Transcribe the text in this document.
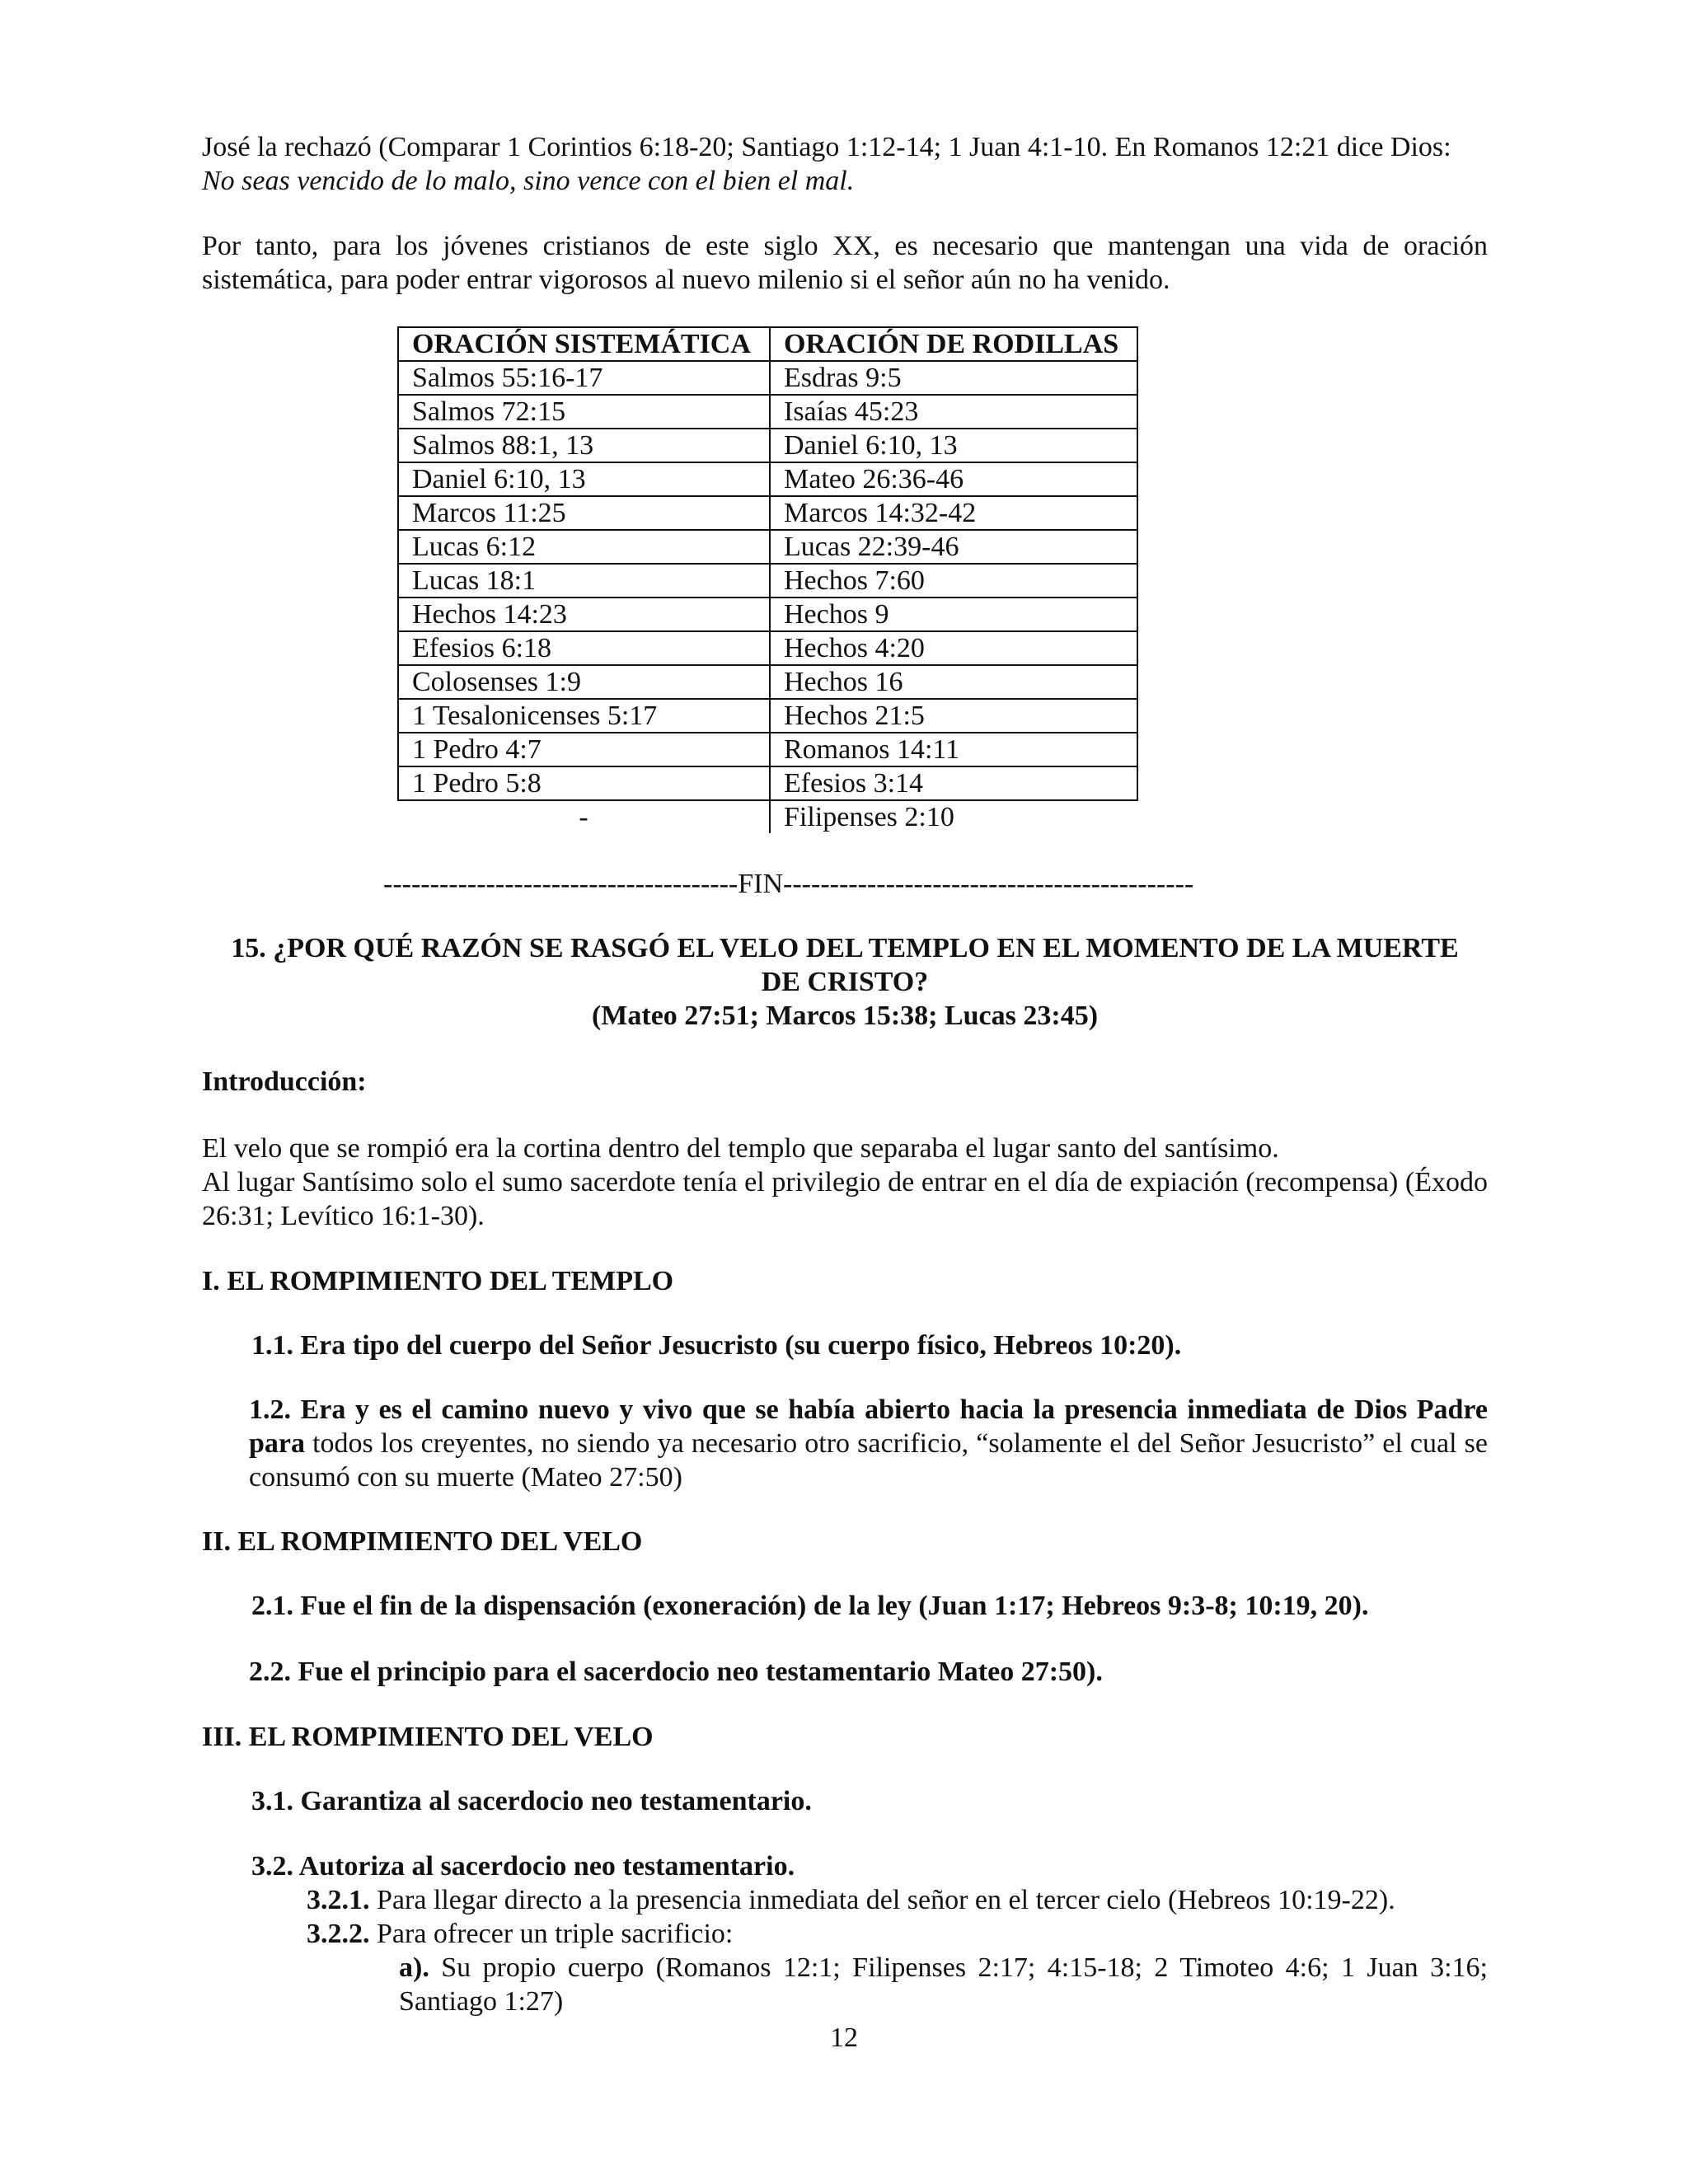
José la rechazó (Comparar 1 Corintios 6:18-20; Santiago 1:12-14; 1 Juan 4:1-10. En Romanos 12:21 dice Dios:

No seas vencido de lo malo, sino vence con el bien el mal.

Por tanto, para los jóvenes cristianos de este siglo XX, es necesario que mantengan una vida de oración sistemática, para poder entrar vigorosos al nuevo milenio si el señor aún no ha venido.

ORACIÓN SISTEMÁTICA	ORACIÓN DE RODILLAS
Salmos 55:16-17	Esdras 9:5
Salmos 72:15	Isaías 45:23
Salmos 88:1, 13	Daniel 6:10, 13
Daniel 6:10, 13	Mateo 26:36-46
Marcos 11:25	Marcos 14:32-42
Lucas 6:12	Lucas 22:39-46
Lucas 18:1	Hechos 7:60
Hechos 14:23	Hechos 9
Efesios 6:18	Hechos 4:20
Colosenses 1:9	Hechos 16
1 Tesalonicenses 5:17	Hechos 21:5
1 Pedro 4:7	Romanos 14:11
1 Pedro 5:8	Efesios 3:14
-	Filipenses 2:10
--------------------------------------FIN--------------------------------------------
15. ¿POR QUÉ RAZÓN SE RASGÓ EL VELO DEL TEMPLO EN EL MOMENTO DE LA MUERTE
DE CRISTO?
(Mateo 27:51; Marcos 15:38; Lucas 23:45)
Introducción:

El velo que se rompió era la cortina dentro del templo que separaba el lugar santo del santísimo.

Al lugar Santísimo solo el sumo sacerdote tenía el privilegio de entrar en el día de expiación (recompensa) (Éxodo 26:31; Levítico 16:1-30).

I. EL ROMPIMIENTO DEL TEMPLO
1.1. Era tipo del cuerpo del Señor Jesucristo (su cuerpo físico, Hebreos 10:20).

1.2. Era y es el camino nuevo y vivo que se había abierto hacia la presencia inmediata de Dios Padre para todos los creyentes, no siendo ya necesario otro sacrificio, “solamente el del Señor Jesucristo” el cual se consumó con su muerte (Mateo 27:50)

II. EL ROMPIMIENTO DEL VELO
2.1. Fue el fin de la dispensación (exoneración) de la ley (Juan 1:17; Hebreos 9:3-8; 10:19, 20).
2.2. Fue el principio para el sacerdocio neo testamentario Mateo 27:50).
III. EL ROMPIMIENTO DEL VELO
3.1. Garantiza al sacerdocio neo testamentario.
3.2. Autoriza al sacerdocio neo testamentario.
3.2.1. Para llegar directo a la presencia inmediata del señor en el tercer cielo (Hebreos 10:19-22).
3.2.2. Para ofrecer un triple sacrificio:

a). Su propio cuerpo (Romanos 12:1; Filipenses 2:17; 4:15-18; 2 Timoteo 4:6; 1 Juan 3:16; Santiago 1:27)

12
